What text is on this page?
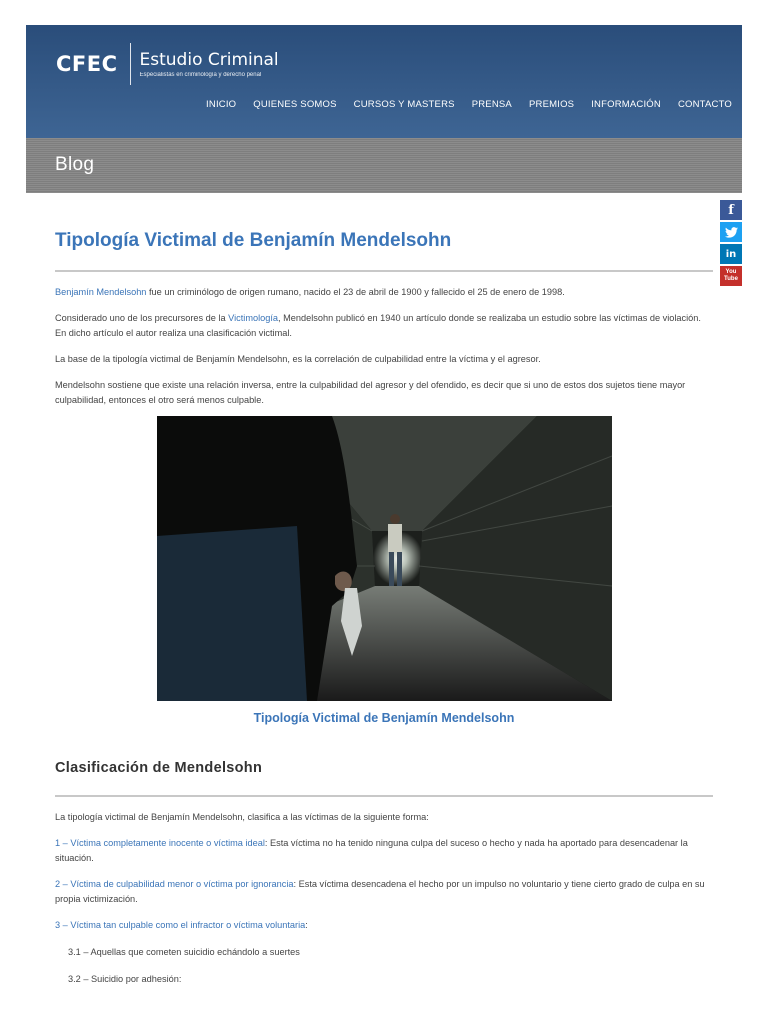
CFEC Estudio Criminal
Especialistas en criminología y derecho penal
INICIO QUIENES SOMOS CURSOS Y MASTERS PRENSA PREMIOS INFORMACIÓN CONTACTO
Blog
f
in
You
Tube
Tipología Victimal de Benjamín Mendelsohn

Benjamín Mendelsohn fue un criminólogo de origen rumano, nacido el 23 de abril de 1900 y fallecido el 25 de enero de 1998.

Considerado uno de los precursores de la Victimología, Mendelsohn publicó en 1940 un artículo donde se realizaba un estudio sobre las víctimas de violación. En dicho artículo el autor realiza una clasificación victimal.

La base de la tipología victimal de Benjamín Mendelsohn, es la correlación de culpabilidad entre la víctima y el agresor.

Mendelsohn sostiene que existe una relación inversa, entre la culpabilidad del agresor y del ofendido, es decir que si uno de estos dos sujetos tiene mayor culpabilidad, entonces el otro será menos culpable.

Tipología Victimal de Benjamín Mendelsohn
Clasificación de Mendelsohn

La tipología victimal de Benjamín Mendelsohn, clasifica a las víctimas de la siguiente forma:

1 – Víctima completamente inocente o víctima ideal: Esta víctima no ha tenido ninguna culpa del suceso o hecho y nada ha aportado para desencadenar la situación.

2 – Víctima de culpabilidad menor o víctima por ignorancia: Esta víctima desencadena el hecho por un impulso no voluntario y tiene cierto grado de culpa en su propia victimización.

3 – Víctima tan culpable como el infractor o víctima voluntaria:

3.1 – Aquellas que cometen suicidio echándolo a suertes

3.2 – Suicidio por adhesión:
